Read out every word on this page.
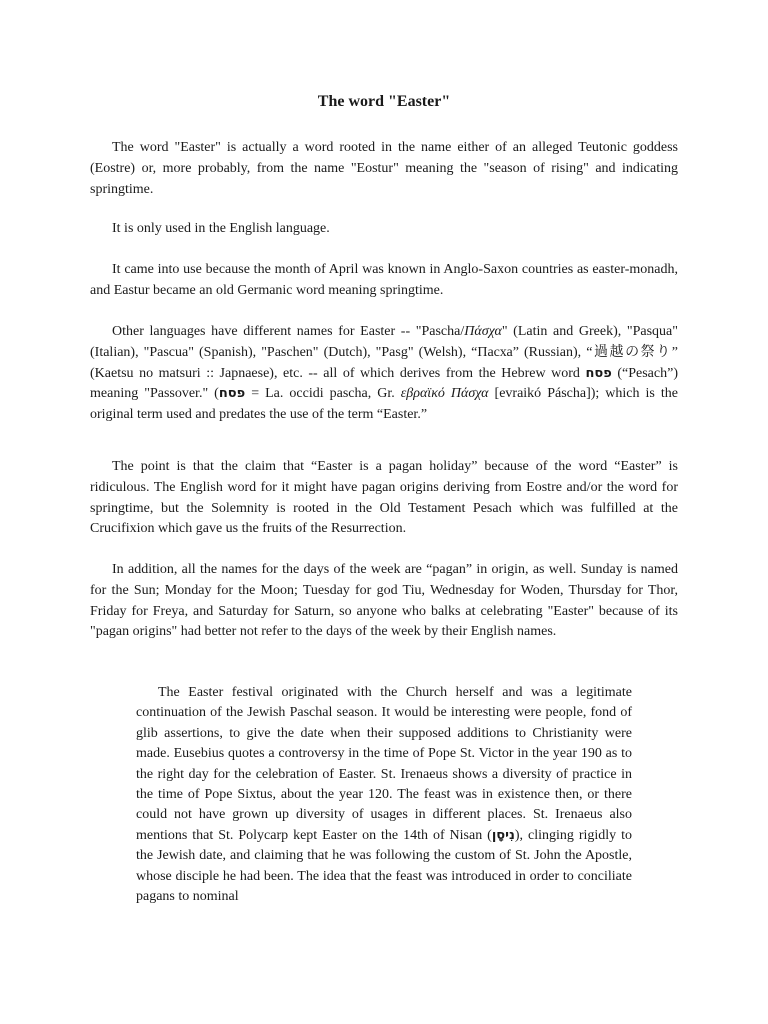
The word "Easter"

The word "Easter" is actually a word rooted in the name either of an alleged Teutonic goddess (Eostre) or, more probably, from the name "Eostur" meaning the "season of rising" and indicating springtime.

It is only used in the English language.

It came into use because the month of April was known in Anglo-Saxon countries as easter-monadh, and Eastur became an old Germanic word meaning springtime.

Other languages have different names for Easter -- "Pascha/Πάσχα" (Latin and Greek), "Pasqua" (Italian), "Pascua" (Spanish), "Paschen" (Dutch), "Pasg" (Welsh), “Пасха” (Russian), “過越の祭り” (Kaetsu no matsuri :: Japnaese), etc. -- all of which derives from the Hebrew word פסח (“Pesach”) meaning "Passover." (פסח = La. occidi pascha, Gr. εβραϊκό Πάσχα [evraikó Páscha]); which is the original term used and predates the use of the term “Easter.”

The point is that the claim that “Easter is a pagan holiday” because of the word “Easter” is ridiculous. The English word for it might have pagan origins deriving from Eostre and/or the word for springtime, but the Solemnity is rooted in the Old Testament Pesach which was fulfilled at the Crucifixion which gave us the fruits of the Resurrection.

In addition, all the names for the days of the week are “pagan” in origin, as well. Sunday is named for the Sun; Monday for the Moon; Tuesday for god Tiu, Wednesday for Woden, Thursday for Thor, Friday for Freya, and Saturday for Saturn, so anyone who balks at celebrating "Easter" because of its "pagan origins" had better not refer to the days of the week by their English names.

The Easter festival originated with the Church herself and was a legitimate continuation of the Jewish Paschal season. It would be interesting were people, fond of glib assertions, to give the date when their supposed additions to Christianity were made. Eusebius quotes a controversy in the time of Pope St. Victor in the year 190 as to the right day for the celebration of Easter. St. Irenaeus shows a diversity of practice in the time of Pope Sixtus, about the year 120. The feast was in existence then, or there could not have grown up diversity of usages in different places. St. Irenaeus also mentions that St. Polycarp kept Easter on the 14th of Nisan (נִיסָן), clinging rigidly to the Jewish date, and claiming that he was following the custom of St. John the Apostle, whose disciple he had been. The idea that the feast was introduced in order to conciliate pagans to nominal
